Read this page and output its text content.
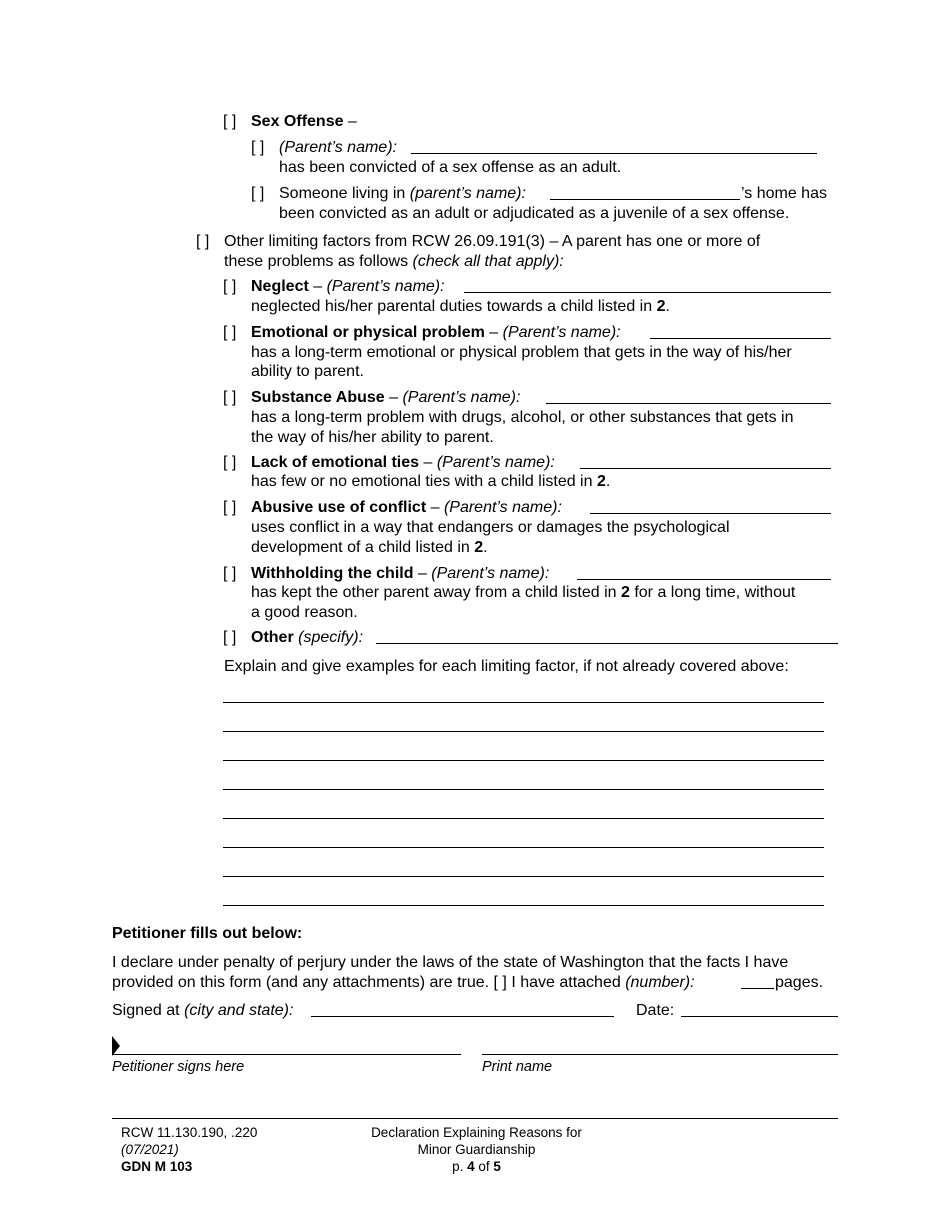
[ ] Sex Offense –
[ ] (Parent’s name):
has been convicted of a sex offense as an adult.
[ ] Someone living in (parent’s name):	’s home has
been convicted as an adult or adjudicated as a juvenile of a sex offense.
[ ] Other limiting factors from RCW 26.09.191(3) – A parent has one or more of
these problems as follows (check all that apply):
[ ] Neglect – (Parent’s name):
neglected his/her parental duties towards a child listed in 2.
[ ] Emotional or physical problem – (Parent’s name):
has a long-term emotional or physical problem that gets in the way of his/her
ability to parent.
[ ] Substance Abuse – (Parent’s name):
has a long-term problem with drugs, alcohol, or other substances that gets in
the way of his/her ability to parent.
[ ] Lack of emotional ties – (Parent’s name):
has few or no emotional ties with a child listed in 2.
[ ] Abusive use of conflict – (Parent’s name):
uses conflict in a way that endangers or damages the psychological
development of a child listed in 2.
[ ] Withholding the child – (Parent’s name):
has kept the other parent away from a child listed in 2 for a long time, without
a good reason.
[ ] Other (specify):
Explain and give examples for each limiting factor, if not already covered above:
Petitioner fills out below:
I declare under penalty of perjury under the laws of the state of Washington that the facts I have
provided on this form (and any attachments) are true. [ ] I have attached (number):	pages.
Signed at (city and state):	Date:
Petitioner signs here	Print name
RCW 11.130.190, .220
(07/2021)
GDN M 103
Declaration Explaining Reasons for
Minor Guardianship
p. 4 of 5
